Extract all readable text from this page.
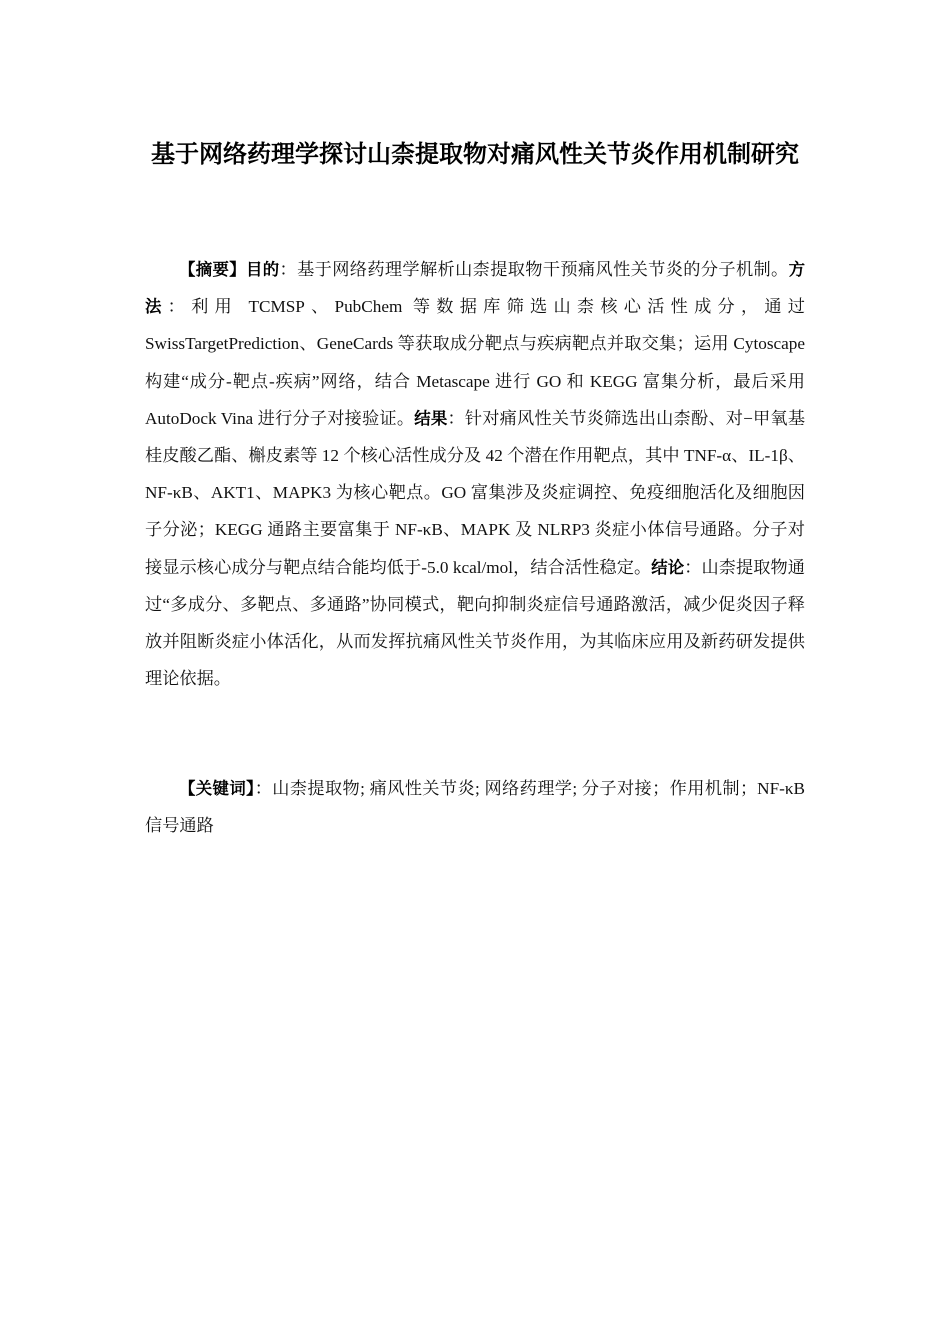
基于网络药理学探讨山柰提取物对痛风性关节炎作用机制研究

【摘要】目的：基于网络药理学解析山柰提取物干预痛风性关节炎的分子机制。方法：利用 TCMSP、PubChem 等数据库筛选山柰核心活性成分，通过 SwissTargetPrediction、GeneCards 等获取成分靶点与疾病靶点并取交集；运用 Cytoscape 构建“成分-靶点-疾病”网络，结合 Metascape 进行 GO 和 KEGG 富集分析，最后采用 AutoDock Vina 进行分子对接验证。结果：针对痛风性关节炎筛选出山柰酚、对−甲氧基桂皮酸乙酯、槲皮素等 12 个核心活性成分及 42 个潜在作用靶点，其中 TNF-α、IL-1β、NF-κB、AKT1、MAPK3 为核心靶点。GO 富集涉及炎症调控、免疫细胞活化及细胞因子分泌；KEGG 通路主要富集于 NF-κB、MAPK 及 NLRP3 炎症小体信号通路。分子对接显示核心成分与靶点结合能均低于-5.0 kcal/mol，结合活性稳定。结论：山柰提取物通过“多成分、多靶点、多通路”协同模式，靶向抑制炎症信号通路激活，减少促炎因子释放并阻断炎症小体活化，从而发挥抗痛风性关节炎作用，为其临床应用及新药研发提供理论依据。

【关键词】：山柰提取物; 痛风性关节炎; 网络药理学; 分子对接；作用机制；NF-κB 信号通路
